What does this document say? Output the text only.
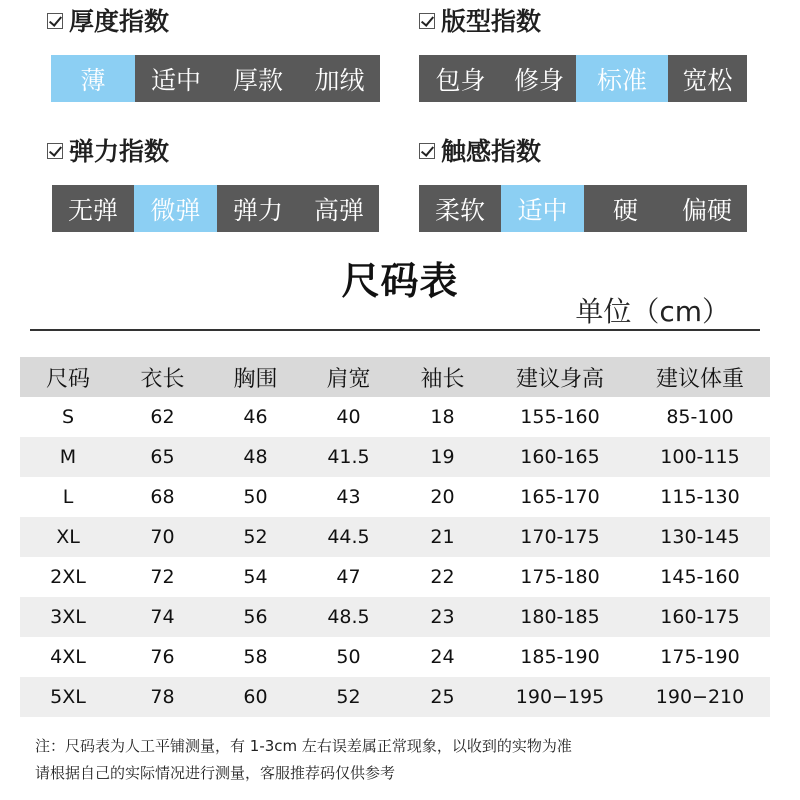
厚度指数
薄	适中	厚款	加绒
版型指数
包身	修身	标准	宽松
弹力指数
无弹	微弹	弹力	高弹
触感指数
柔软	适中	硬	偏硬
尺码表
单位（cm）
尺码	衣长	胸围	肩宽	袖长	建议身高	建议体重
S	62	46	40	18	155-160	85-100
M	65	48	41.5	19	160-165	100-115
L	68	50	43	20	165-170	115-130
XL	70	52	44.5	21	170-175	130-145
2XL	72	54	47	22	175-180	145-160
3XL	74	56	48.5	23	180-185	160-175
4XL	76	58	50	24	185-190	175-190
5XL	78	60	52	25	190−195	190−210
注：尺码表为人工平铺测量，有 1-3cm 左右误差属正常现象，以收到的实物为准
请根据自己的实际情况进行测量，客服推荐码仅供参考
